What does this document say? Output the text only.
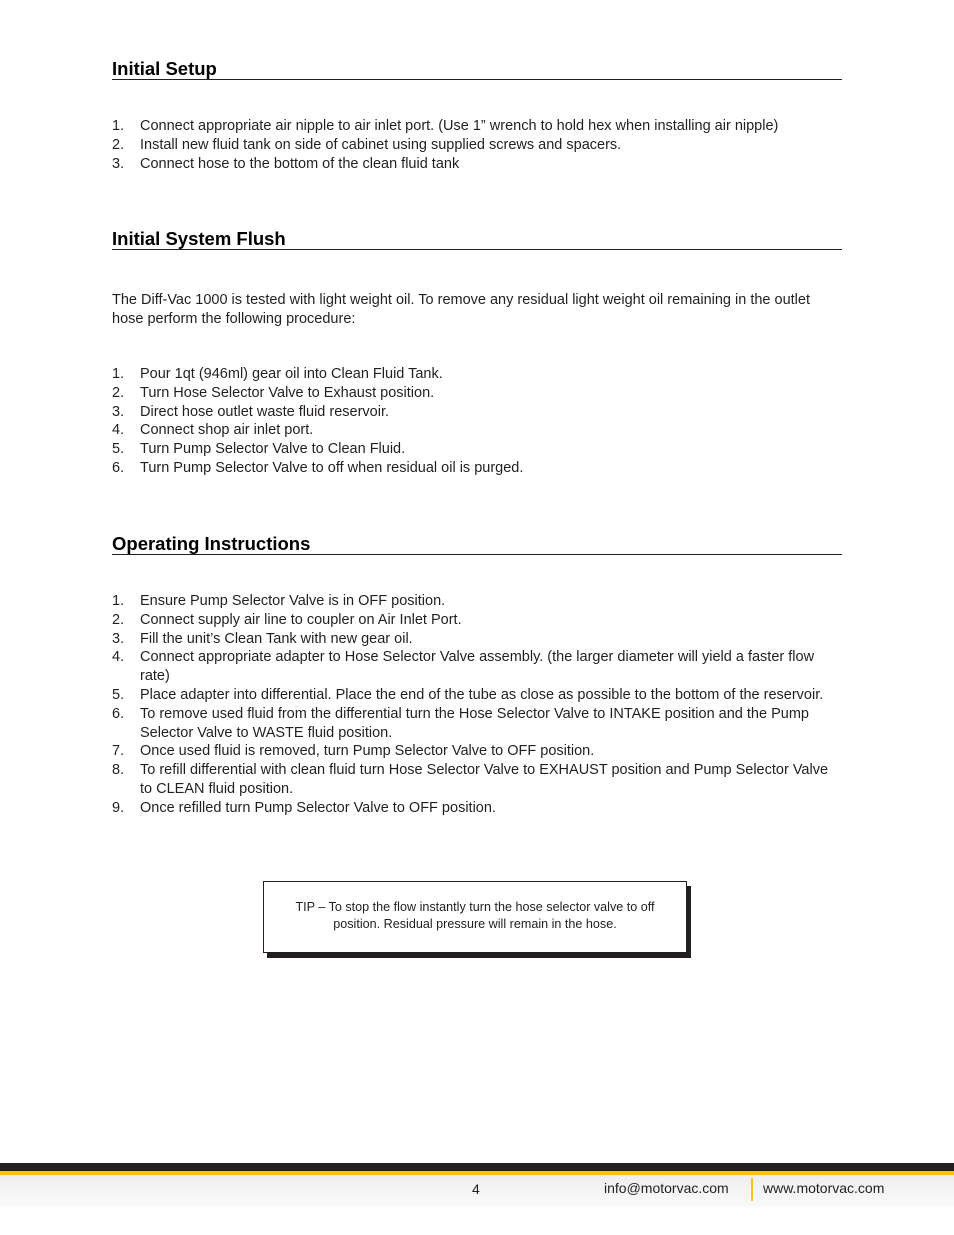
Initial Setup
1. Connect appropriate air nipple to air inlet port. (Use 1” wrench to hold hex when installing air nipple)
2. Install new fluid tank on side of cabinet using supplied screws and spacers.
3. Connect hose to the bottom of the clean fluid tank
Initial System Flush

The Diff-Vac 1000 is tested with light weight oil. To remove any residual light weight oil remaining in the outlet hose perform the following procedure:

1. Pour 1qt (946ml) gear oil into Clean Fluid Tank.
2. Turn Hose Selector Valve to Exhaust position.
3. Direct hose outlet waste fluid reservoir.
4. Connect shop air inlet port.
5. Turn Pump Selector Valve to Clean Fluid.
6. Turn Pump Selector Valve to off when residual oil is purged.
Operating Instructions
1. Ensure Pump Selector Valve is in OFF position.
2. Connect supply air line to coupler on Air Inlet Port.
3. Fill the unit’s Clean Tank with new gear oil.
4. Connect appropriate adapter to Hose Selector Valve assembly. (the larger diameter will yield a faster flow rate)
5. Place adapter into differential. Place the end of the tube as close as possible to the bottom of the reservoir.
6. To remove used fluid from the differential turn the Hose Selector Valve to INTAKE position and the Pump Selector Valve to WASTE fluid position.
7. Once used fluid is removed, turn Pump Selector Valve to OFF position.
8. To refill differential with clean fluid turn Hose Selector Valve to EXHAUST position and Pump Selector Valve to CLEAN fluid position.
9. Once refilled turn Pump Selector Valve to OFF position.

TIP – To stop the flow instantly turn the hose selector valve to off position. Residual pressure will remain in the hose.

4	info@motorvac.com www.motorvac.com
